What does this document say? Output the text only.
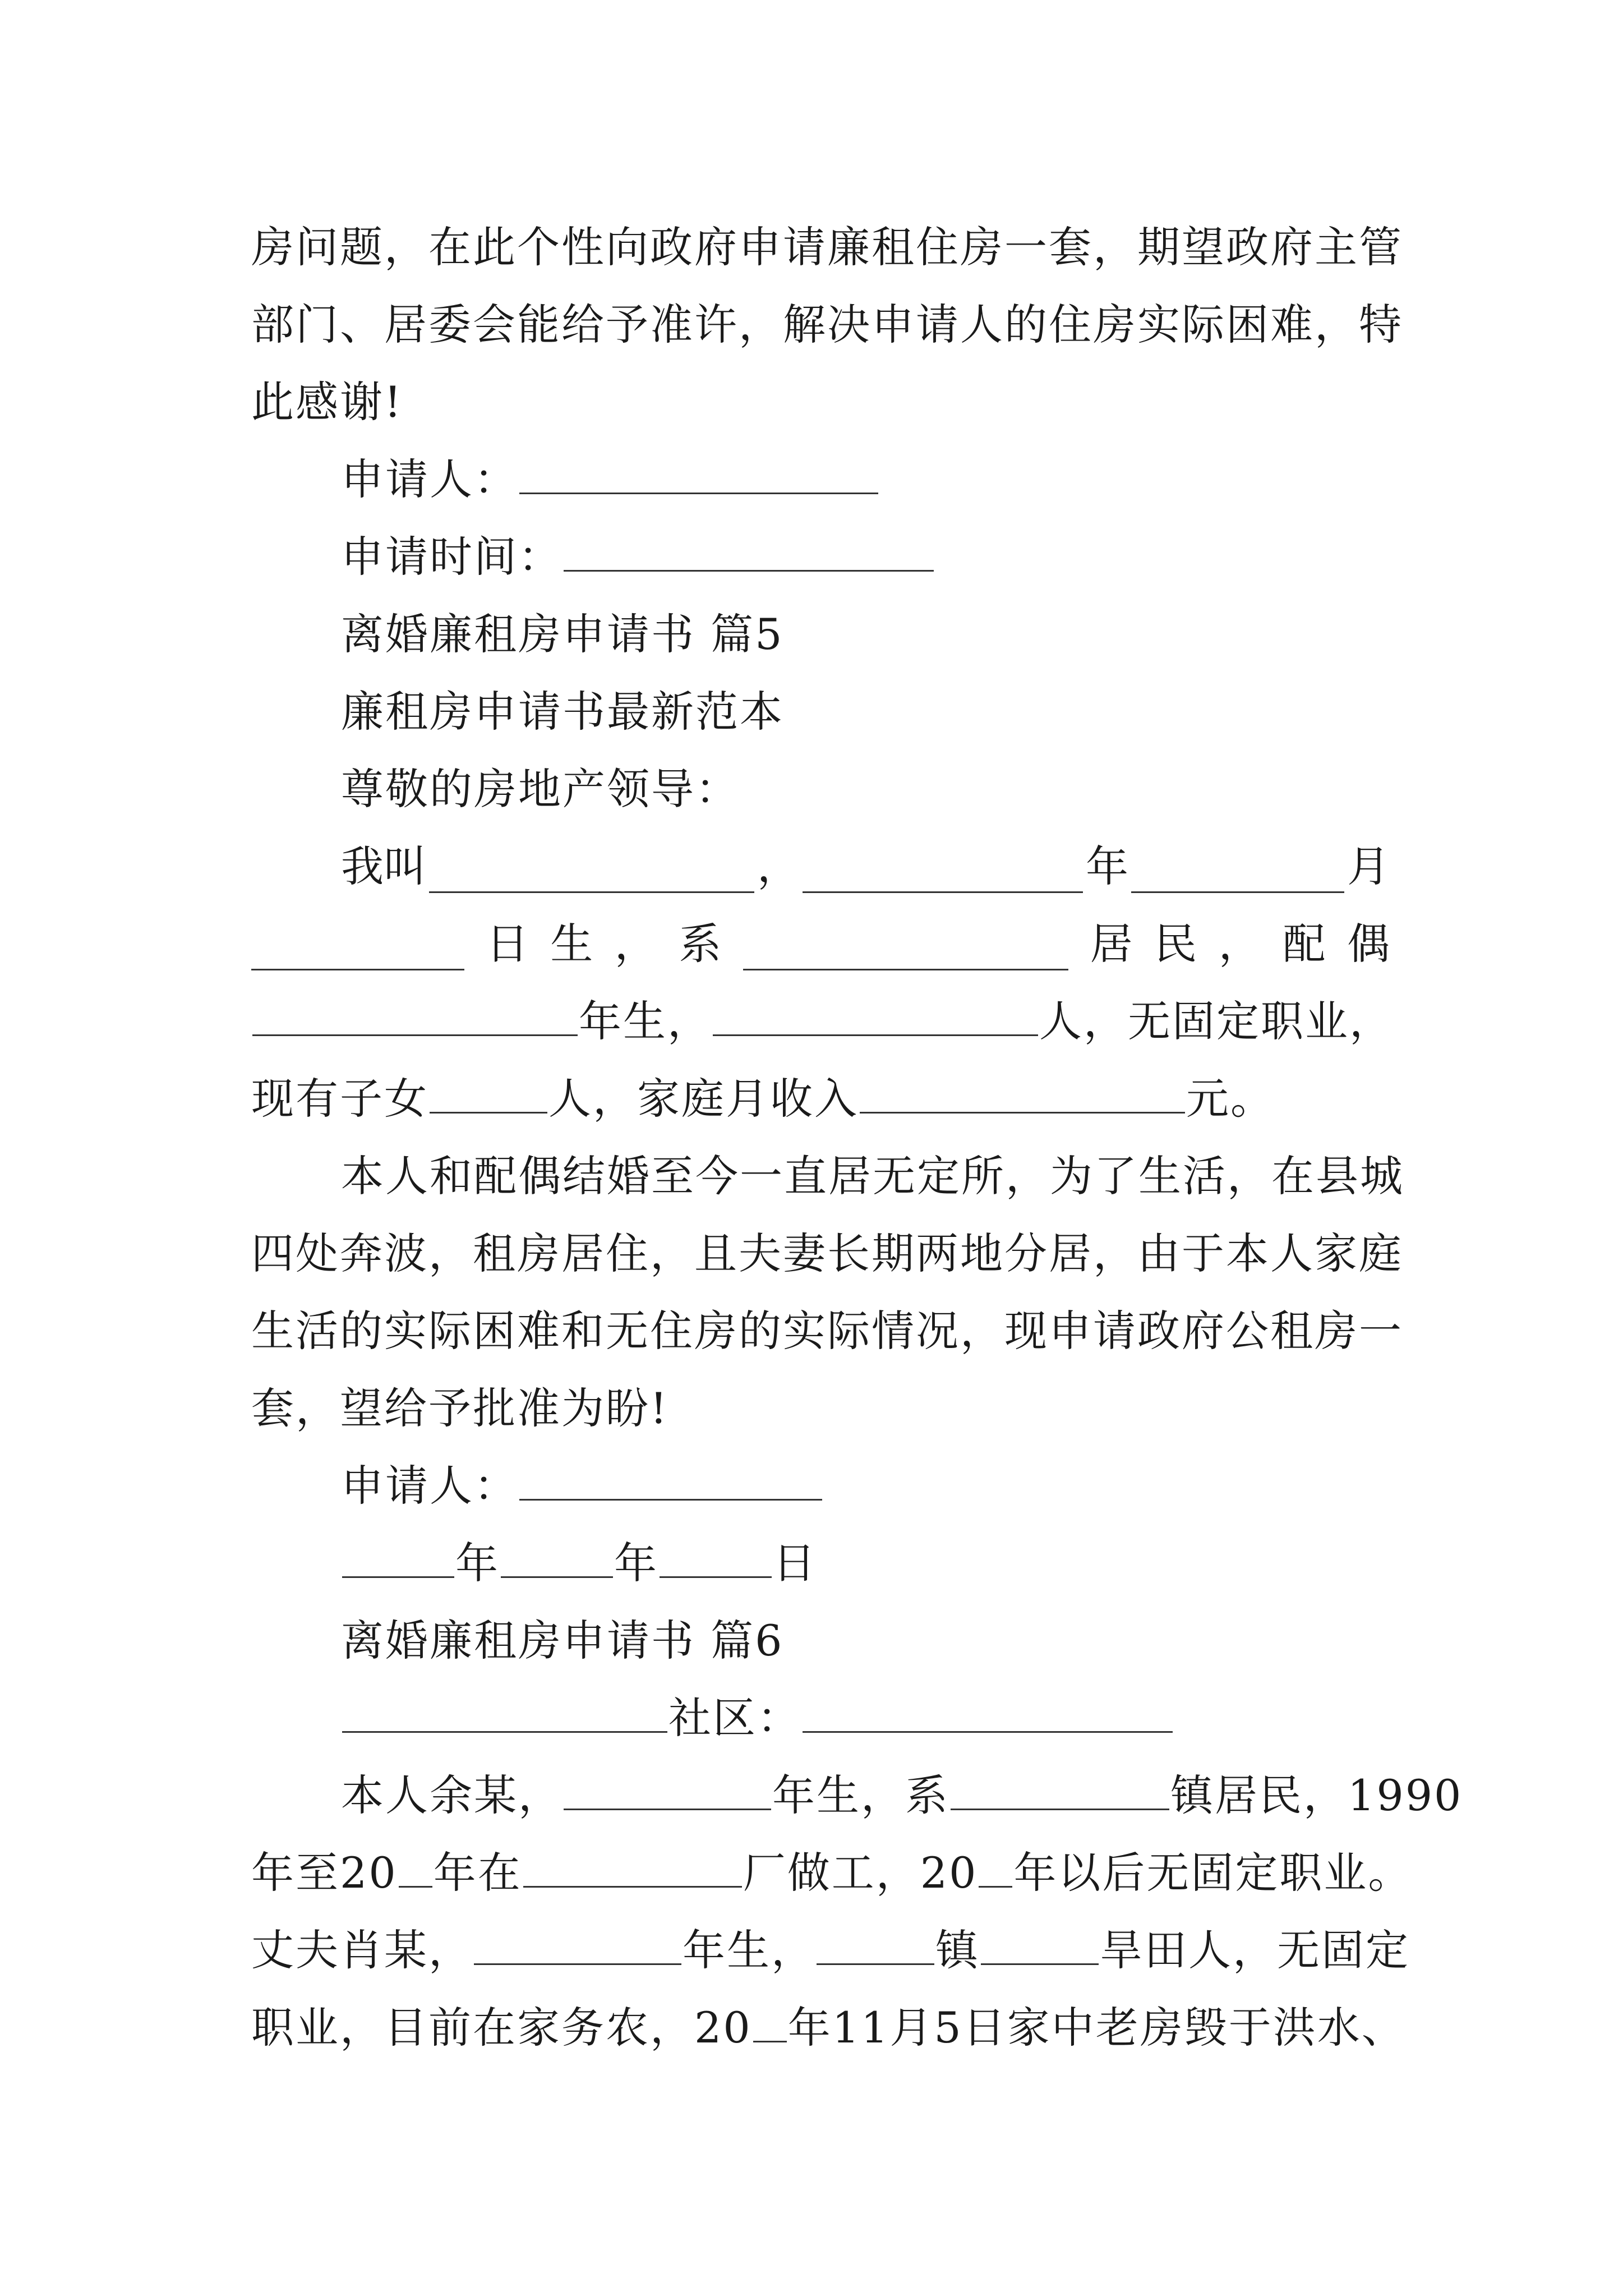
房问题，在此个性向政府申请廉租住房一套，期望政府主管
部门、居委会能给予准许，解决申请人的住房实际困难，特
此感谢!
申请人：
申请时间：
离婚廉租房申请书 篇5
廉租房申请书最新范本
尊敬的房地产领导：
我叫	，	年	月
日 生 ， 系	居 民 ， 配 偶
年生，	人，无固定职业，
现有子女	人，家庭月收入	元。
本人和配偶结婚至今一直居无定所，为了生活，在县城
四处奔波，租房居住，且夫妻长期两地分居，由于本人家庭
生活的实际困难和无住房的实际情况，现申请政府公租房一
套，望给予批准为盼!
申请人：
年	年	日
离婚廉租房申请书 篇6
社区：
本人余某，	年生，系	镇居民，1990
年至20 年在	厂做工，20 年以后无固定职业。
丈夫肖某，	年生，	镇	旱田人，无固定
职业，目前在家务农，20 年11月5日家中老房毁于洪水、
